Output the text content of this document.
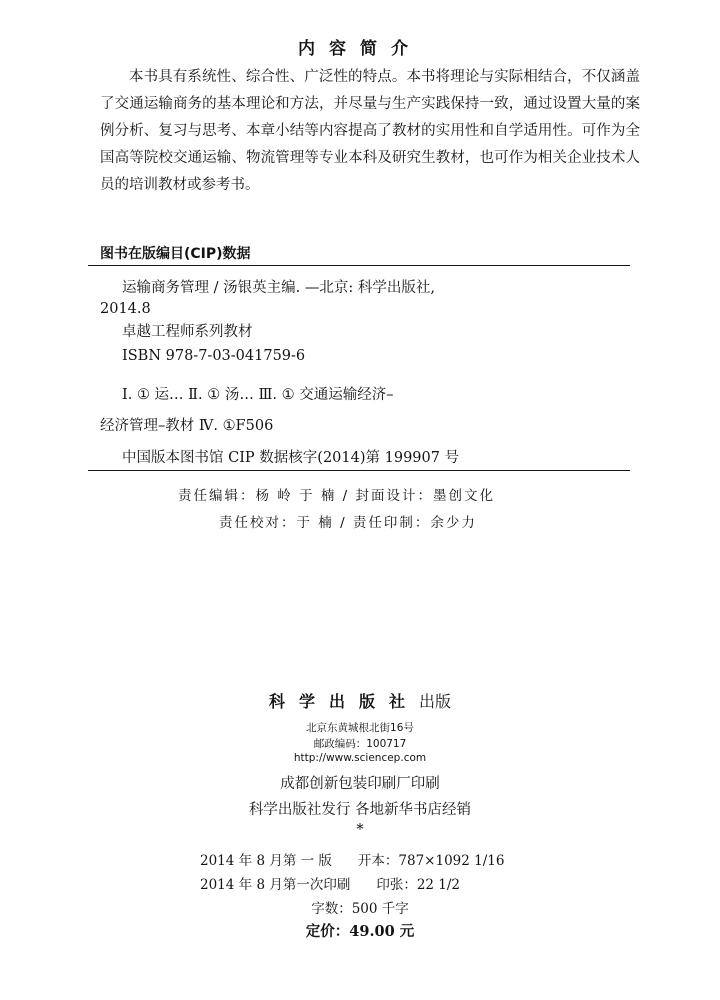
内容简介

本书具有系统性、综合性、广泛性的特点。本书将理论与实际相结合，不仅涵盖了交通运输商务的基本理论和方法，并尽量与生产实践保持一致，通过设置大量的案例分析、复习与思考、本章小结等内容提高了教材的实用性和自学适用性。可作为全国高等院校交通运输、物流管理等专业本科及研究生教材，也可作为相关企业技术人员的培训教材或参考书。

图书在版编目(CIP)数据
运输商务管理 / 汤银英主编. —北京: 科学出版社,
2014.8
卓越工程师系列教材
ISBN 978-7-03-041759-6
Ⅰ. ① 运… Ⅱ. ① 汤… Ⅲ. ① 交通运输经济–
经济管理–教材 Ⅳ. ①F506
中国版本图书馆 CIP 数据核字(2014)第 199907 号
责任编辑：杨 岭 于 楠 / 封面设计：墨创文化
责任校对：于 楠 / 责任印制：余少力
科学出版社出版
北京东黄城根北街16号
邮政编码：100717
http://www.sciencep.com
成都创新包装印刷厂印刷
科学出版社发行 各地新华书店经销
*
2014 年 8 月第 一 版 开本：787×1092 1/16
2014 年 8 月第一次印刷 印张：22 1/2
字数：500 千字
定价：49.00 元
